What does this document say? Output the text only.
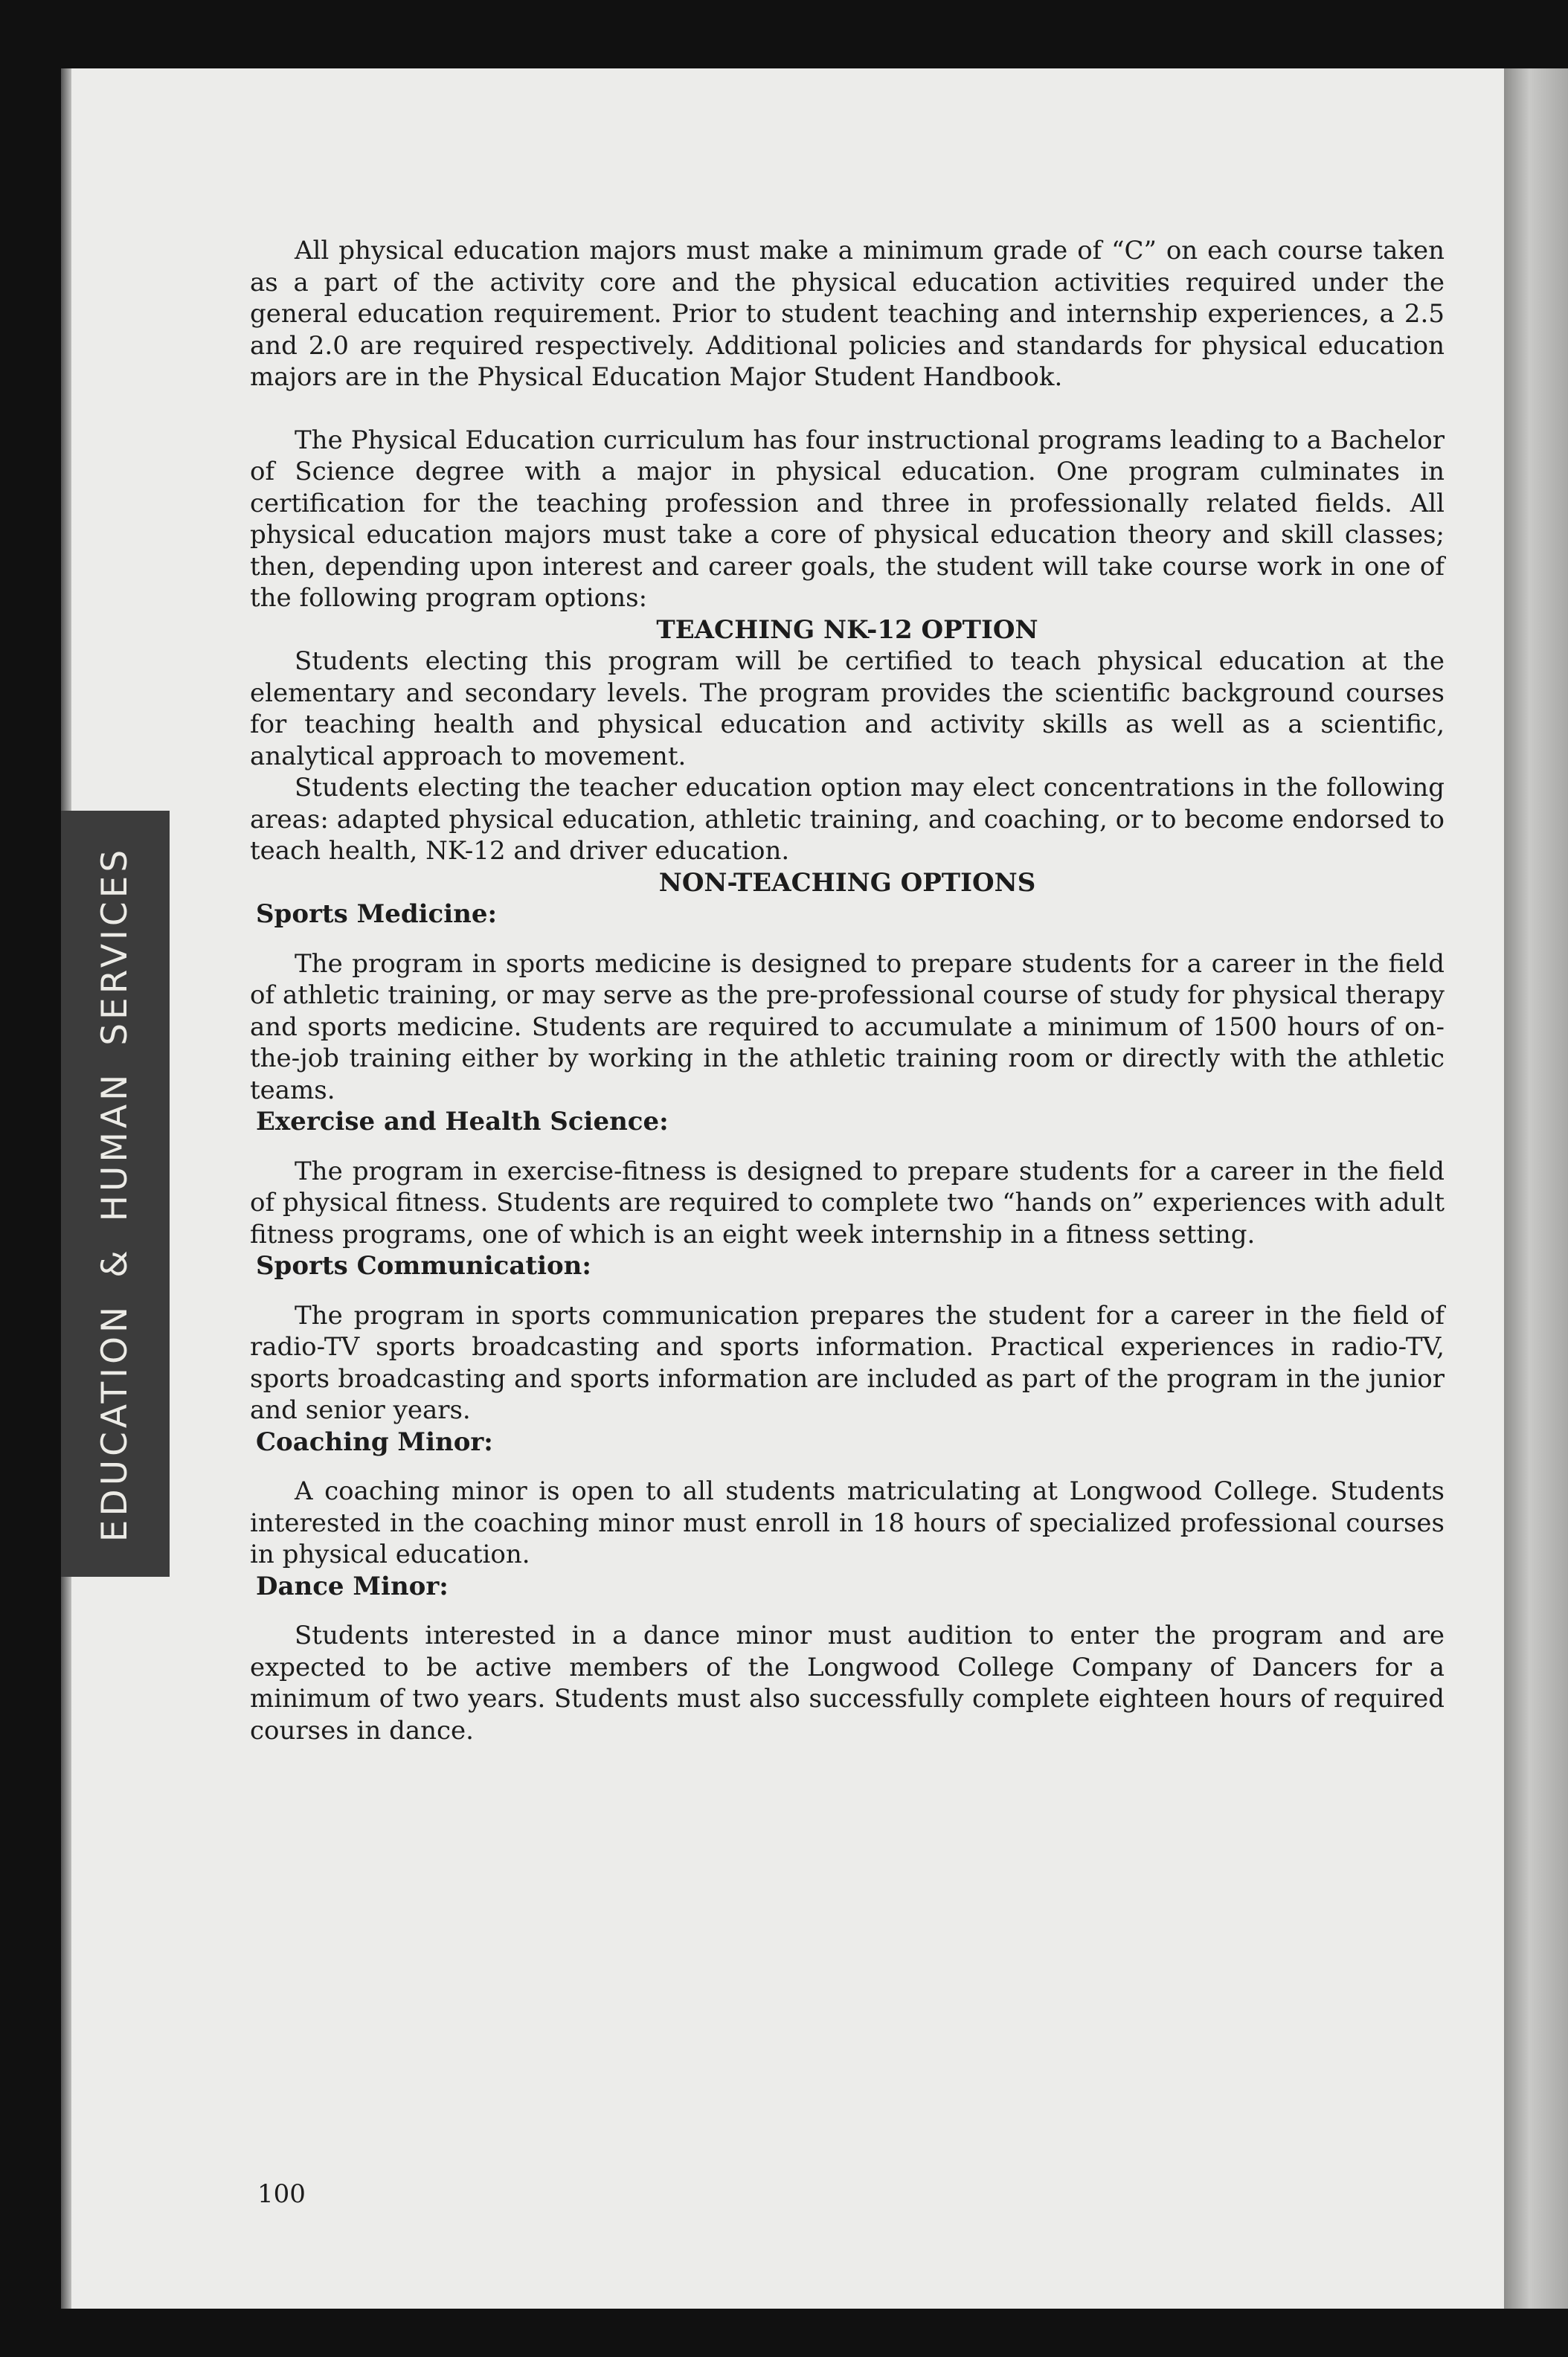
EDUCATION & HUMAN SERVICES

All physical education majors must make a minimum grade of “C” on each course taken as a part of the activity core and the physical education activities required under the general education requirement. Prior to student teaching and internship experiences, a 2.5 and 2.0 are required respectively. Additional policies and standards for physical education majors are in the Physical Education Major Student Handbook.

The Physical Education curriculum has four instructional programs leading to a Bachelor of Science degree with a major in physical education. One program culminates in certification for the teaching profession and three in professionally related fields. All physical education majors must take a core of physical education theory and skill classes; then, depending upon interest and career goals, the student will take course work in one of the following program options:

TEACHING NK-12 OPTION

Students electing this program will be certified to teach physical education at the elementary and secondary levels. The program provides the scientific background courses for teaching health and physical education and activity skills as well as a scientific, analytical approach to movement.

Students electing the teacher education option may elect concentrations in the following areas: adapted physical education, athletic training, and coaching, or to become endorsed to teach health, NK-12 and driver education.

NON-TEACHING OPTIONS
Sports Medicine:

The program in sports medicine is designed to prepare students for a career in the field of athletic training, or may serve as the pre-professional course of study for physical therapy and sports medicine. Students are required to accumulate a minimum of 1500 hours of on-the-job training either by working in the athletic training room or directly with the athletic teams.

Exercise and Health Science:

The program in exercise-fitness is designed to prepare students for a career in the field of physical fitness. Students are required to complete two “hands on” experiences with adult fitness programs, one of which is an eight week internship in a fitness setting.

Sports Communication:

The program in sports communication prepares the student for a career in the field of radio-TV sports broadcasting and sports information. Practical experiences in radio-TV, sports broadcasting and sports information are included as part of the program in the junior and senior years.

Coaching Minor:

A coaching minor is open to all students matriculating at Longwood College. Students interested in the coaching minor must enroll in 18 hours of specialized professional courses in physical education.

Dance Minor:

Students interested in a dance minor must audition to enter the program and are expected to be active members of the Longwood College Company of Dancers for a minimum of two years. Students must also successfully complete eighteen hours of required courses in dance.

100
